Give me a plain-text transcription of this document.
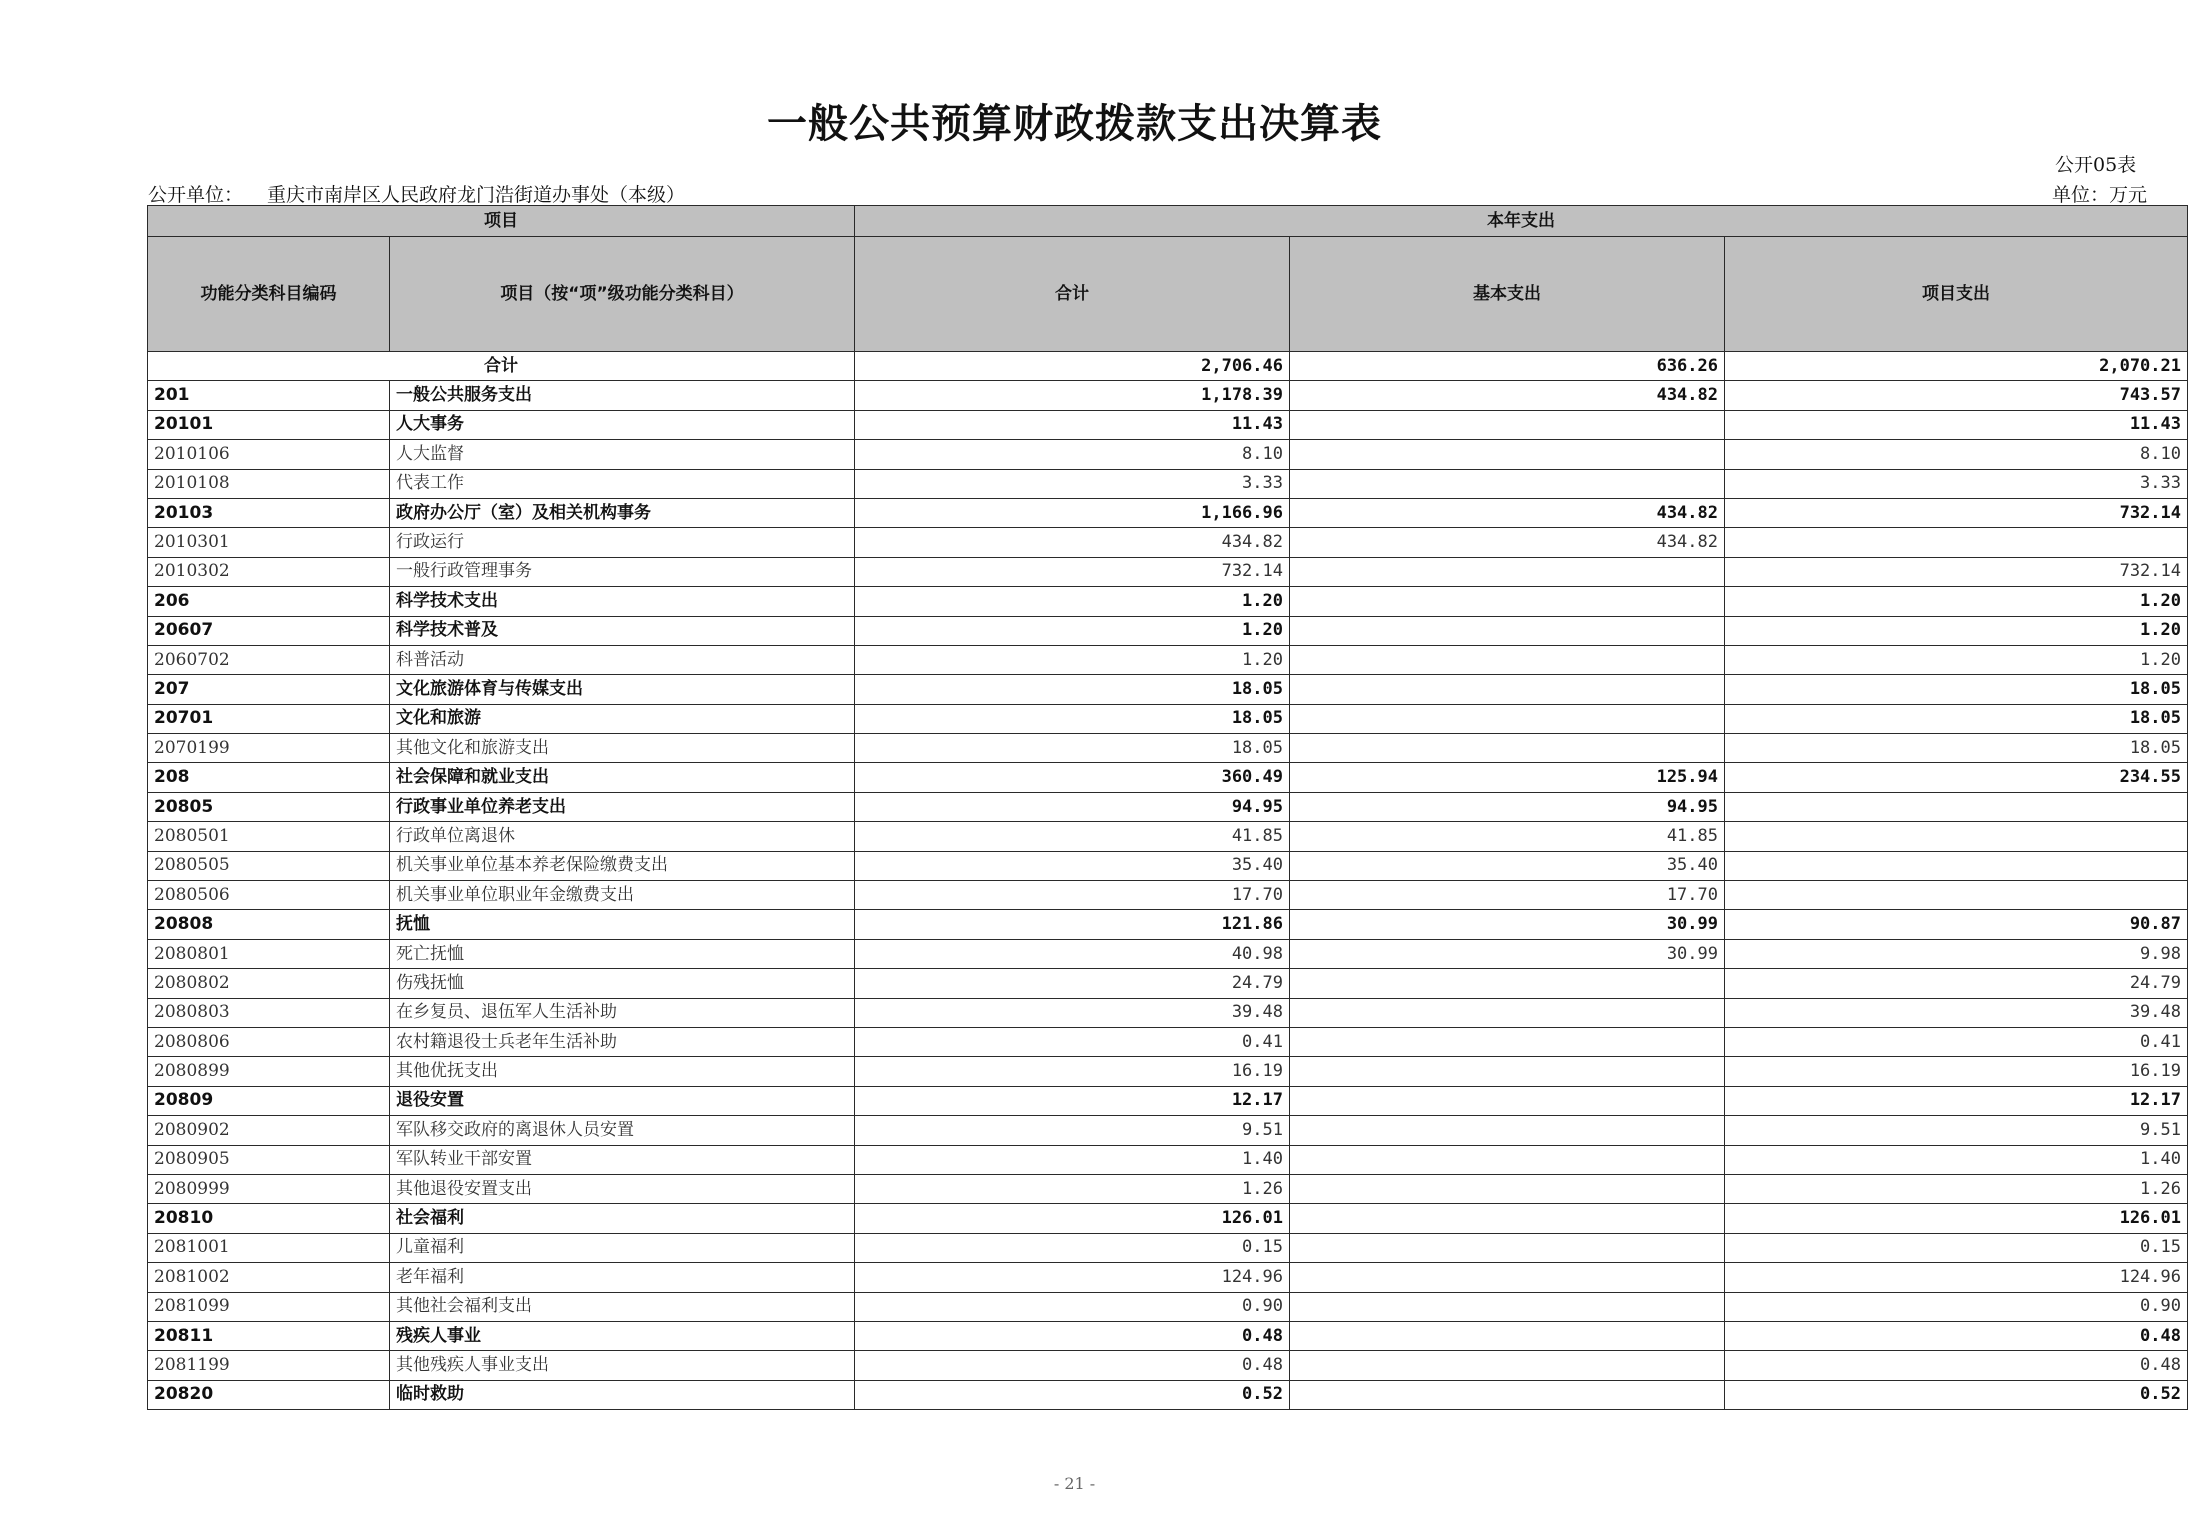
一般公共预算财政拨款支出决算表
公开05表
公开单位： 重庆市南岸区人民政府龙门浩街道办事处（本级）	单位：万元
项目		本年支出		
功能分类科目编码	项目（按“项”级功能分类科目）	合计	基本支出	项目支出
合计		2,706.46	636.26	2,070.21
201	一般公共服务支出	1,178.39	434.82	743.57
20101	人大事务	11.43		11.43
2010106	人大监督	8.10		8.10
2010108	代表工作	3.33		3.33
20103	政府办公厅（室）及相关机构事务	1,166.96	434.82	732.14
2010301	行政运行	434.82	434.82	
2010302	一般行政管理事务	732.14		732.14
206	科学技术支出	1.20		1.20
20607	科学技术普及	1.20		1.20
2060702	科普活动	1.20		1.20
207	文化旅游体育与传媒支出	18.05		18.05
20701	文化和旅游	18.05		18.05
2070199	其他文化和旅游支出	18.05		18.05
208	社会保障和就业支出	360.49	125.94	234.55
20805	行政事业单位养老支出	94.95	94.95	
2080501	行政单位离退休	41.85	41.85	
2080505	机关事业单位基本养老保险缴费支出	35.40	35.40	
2080506	机关事业单位职业年金缴费支出	17.70	17.70	
20808	抚恤	121.86	30.99	90.87
2080801	死亡抚恤	40.98	30.99	9.98
2080802	伤残抚恤	24.79		24.79
2080803	在乡复员、退伍军人生活补助	39.48		39.48
2080806	农村籍退役士兵老年生活补助	0.41		0.41
2080899	其他优抚支出	16.19		16.19
20809	退役安置	12.17		12.17
2080902	军队移交政府的离退休人员安置	9.51		9.51
2080905	军队转业干部安置	1.40		1.40
2080999	其他退役安置支出	1.26		1.26
20810	社会福利	126.01		126.01
2081001	儿童福利	0.15		0.15
2081002	老年福利	124.96		124.96
2081099	其他社会福利支出	0.90		0.90
20811	残疾人事业	0.48		0.48
2081199	其他残疾人事业支出	0.48		0.48
20820	临时救助	0.52		0.52
- 21 -
